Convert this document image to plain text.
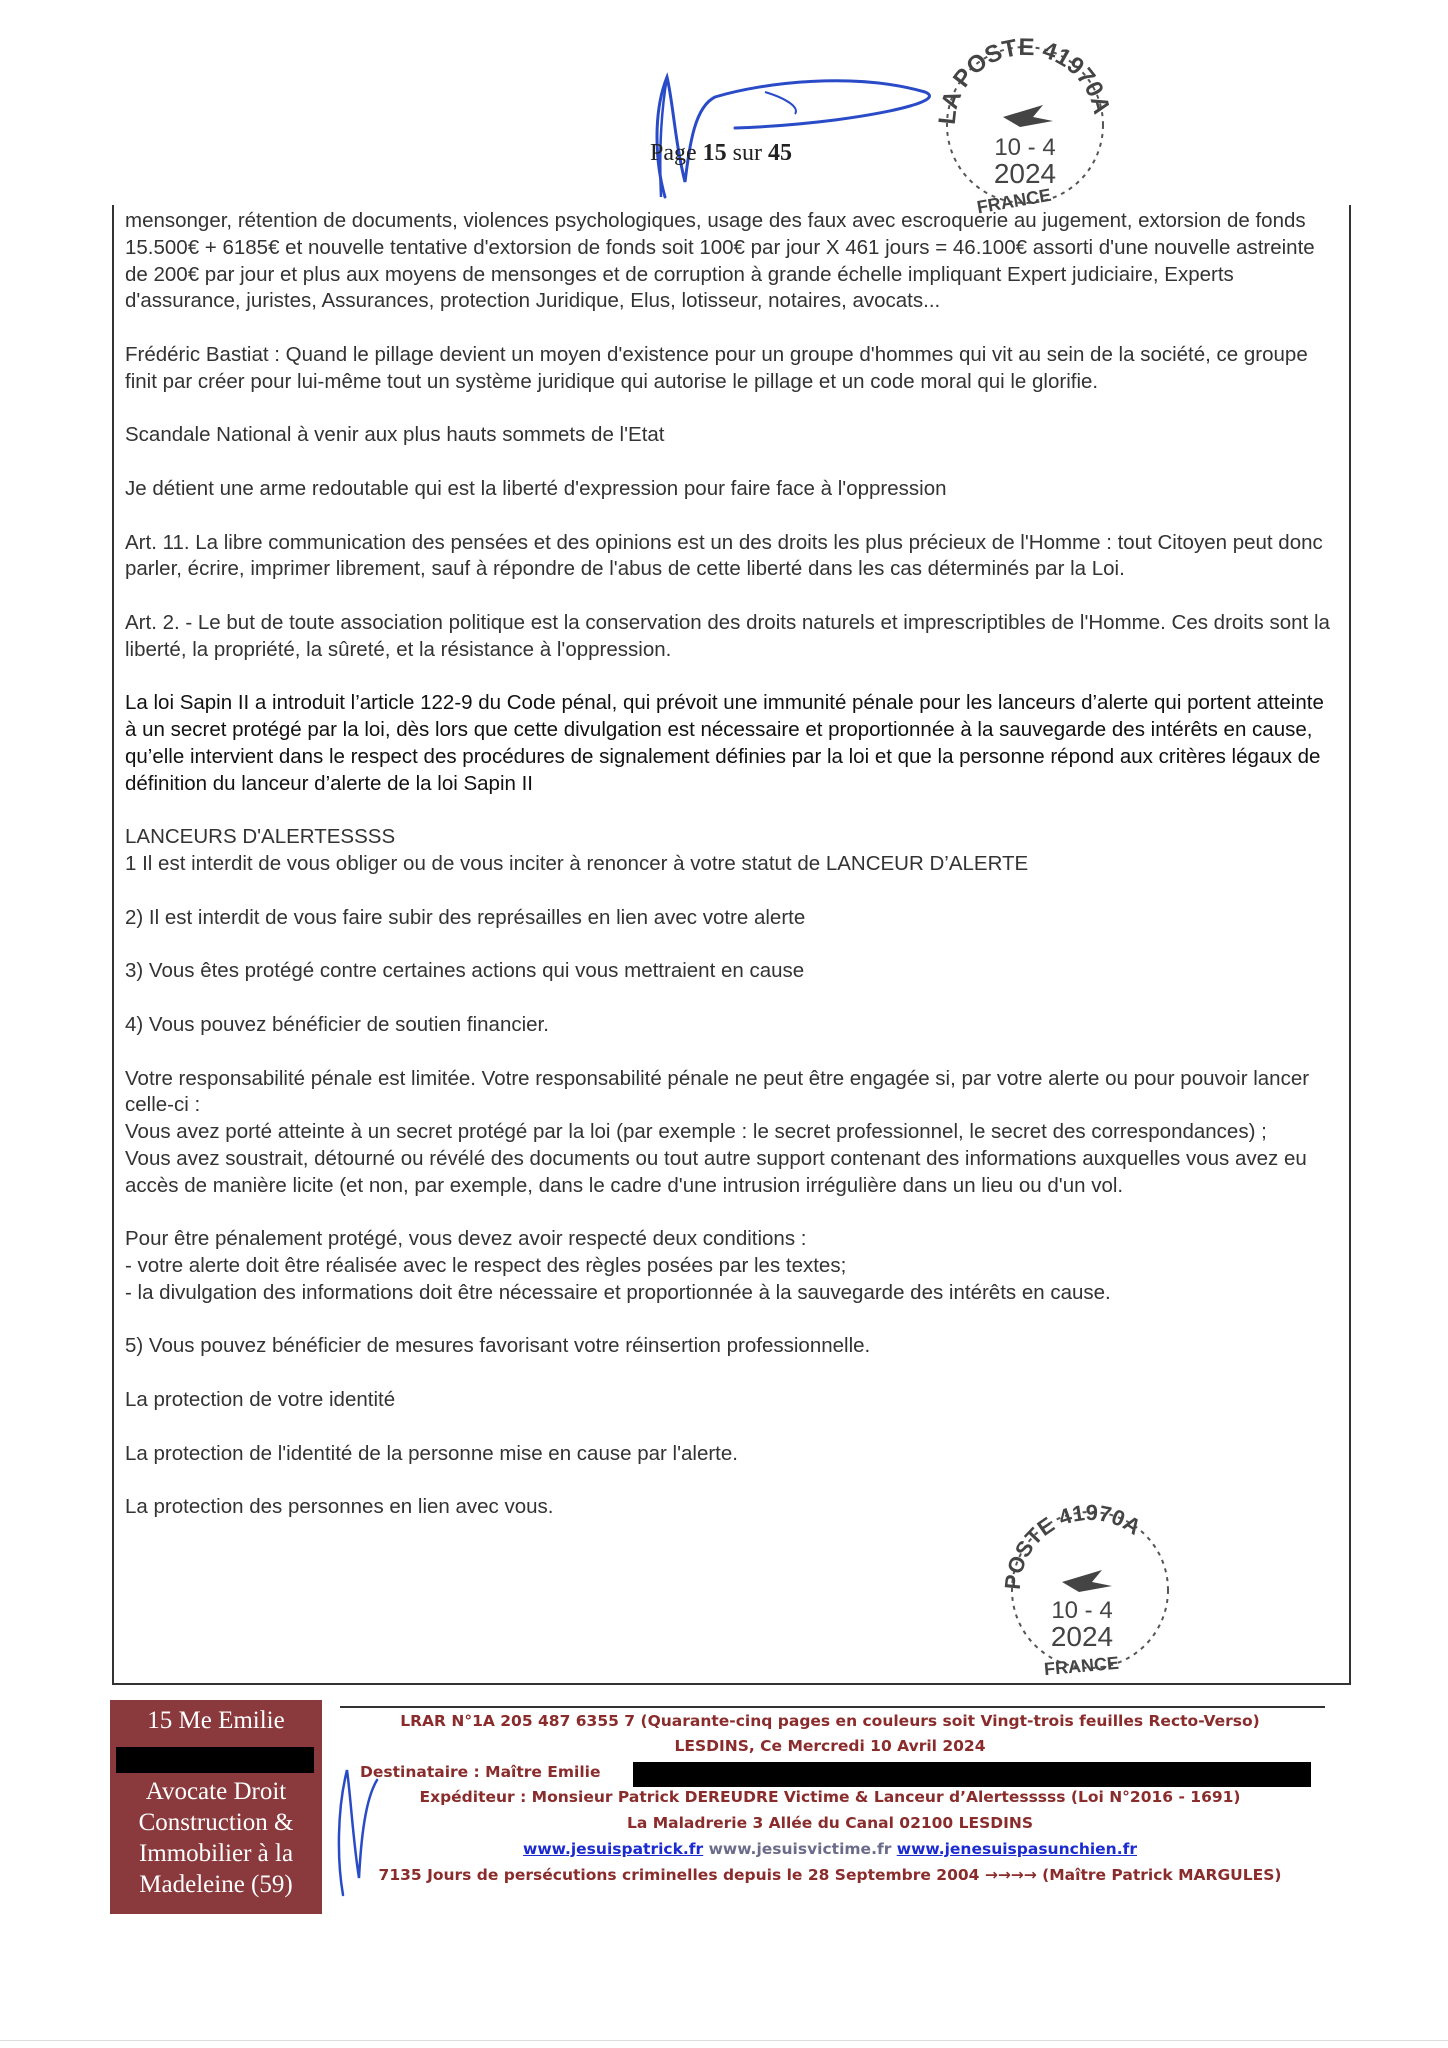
Page 15 sur 45
LA POSTE 41970A
10 - 4
2024
FRANCE

mensonger, rétention de documents, violences psychologiques, usage des faux avec escroquerie au jugement, extorsion de fonds 15.500€ + 6185€ et nouvelle tentative d'extorsion de fonds soit 100€ par jour X 461 jours = 46.100€ assorti d'une nouvelle astreinte de 200€ par jour et plus aux moyens de mensonges et de corruption à grande échelle impliquant Expert judiciaire, Experts d'assurance, juristes, Assurances, protection Juridique, Elus, lotisseur, notaires, avocats...

Frédéric Bastiat : Quand le pillage devient un moyen d'existence pour un groupe d'hommes qui vit au sein de la société, ce groupe finit par créer pour lui-même tout un système juridique qui autorise le pillage et un code moral qui le glorifie.

Scandale National à venir aux plus hauts sommets de l'Etat

Je détient une arme redoutable qui est la liberté d'expression pour faire face à l'oppression

Art. 11. La libre communication des pensées et des opinions est un des droits les plus précieux de l'Homme : tout Citoyen peut donc parler, écrire, imprimer librement, sauf à répondre de l'abus de cette liberté dans les cas déterminés par la Loi.

Art. 2. - Le but de toute association politique est la conservation des droits naturels et imprescriptibles de l'Homme. Ces droits sont la liberté, la propriété, la sûreté, et la résistance à l'oppression.

La loi Sapin II a introduit l’article 122-9 du Code pénal, qui prévoit une immunité pénale pour les lanceurs d’alerte qui portent atteinte à un secret protégé par la loi, dès lors que cette divulgation est nécessaire et proportionnée à la sauvegarde des intérêts en cause, qu’elle intervient dans le respect des procédures de signalement définies par la loi et que la personne répond aux critères légaux de définition du lanceur d’alerte de la loi Sapin II

LANCEURS D'ALERTESSSS
1 Il est interdit de vous obliger ou de vous inciter à renoncer à votre statut de LANCEUR D’ALERTE

2) Il est interdit de vous faire subir des représailles en lien avec votre alerte

3) Vous êtes protégé contre certaines actions qui vous mettraient en cause

4) Vous pouvez bénéficier de soutien financier.

Votre responsabilité pénale est limitée. Votre responsabilité pénale ne peut être engagée si, par votre alerte ou pour pouvoir lancer celle-ci :
Vous avez porté atteinte à un secret protégé par la loi (par exemple : le secret professionnel, le secret des correspondances) ;
Vous avez soustrait, détourné ou révélé des documents ou tout autre support contenant des informations auxquelles vous avez eu accès de manière licite (et non, par exemple, dans le cadre d'une intrusion irrégulière dans un lieu ou d'un vol.

Pour être pénalement protégé, vous devez avoir respecté deux conditions :
- votre alerte doit être réalisée avec le respect des règles posées par les textes;
- la divulgation des informations doit être nécessaire et proportionnée à la sauvegarde des intérêts en cause.

5) Vous pouvez bénéficier de mesures favorisant votre réinsertion professionnelle.

La protection de votre identité

La protection de l'identité de la personne mise en cause par l'alerte.

La protection des personnes en lien avec vous.

POSTE 41970A
10 - 4
2024
FRANCE
15 Me Emilie
Avocate Droit
Construction &
Immobilier à la
Madeleine (59)
LRAR N°1A 205 487 6355 7 (Quarante-cinq pages en couleurs soit Vingt-trois feuilles Recto-Verso)
LESDINS, Ce Mercredi 10 Avril 2024
Destinataire : Maître Emilie
Expéditeur : Monsieur Patrick DEREUDRE Victime & Lanceur d’Alertesssss (Loi N°2016 - 1691)
La Maladrerie 3 Allée du Canal 02100 LESDINS
www.jesuispatrick.fr www.jesuisvictime.fr www.jenesuispasunchien.fr
7135 Jours de persécutions criminelles depuis le 28 Septembre 2004 →→→→ (Maître Patrick MARGULES)
